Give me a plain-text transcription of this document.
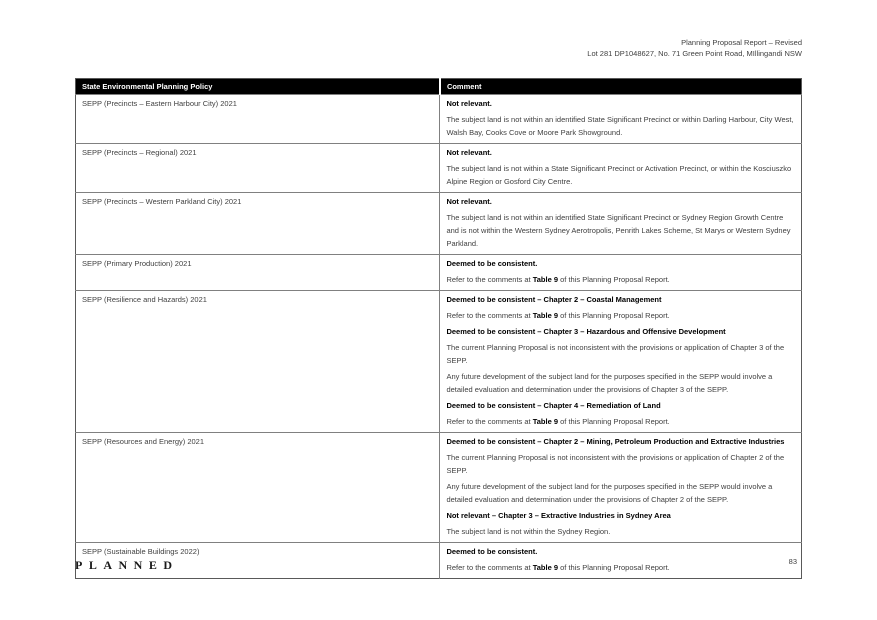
Planning Proposal Report – Revised
Lot 281 DP1048627, No. 71 Green Point Road, MIllingandi NSW
State Environmental Planning Policy	Comment
SEPP (Precincts – Eastern Harbour City) 2021	Not relevant.
The subject land is not within an identified State Significant Precinct or within Darling Harbour, City West, Walsh Bay, Cooks Cove or Moore Park Showground.

SEPP (Precincts – Regional) 2021	Not relevant.
The subject land is not within a State Significant Precinct or Activation Precinct, or within the Kosciuszko Alpine Region or Gosford City Centre.

SEPP (Precincts – Western Parkland City) 2021	Not relevant.
The subject land is not within an identified State Significant Precinct or Sydney Region Growth Centre and is not within the Western Sydney Aerotropolis, Penrith Lakes Scheme, St Marys or Western Sydney Parkland.

SEPP (Primary Production) 2021	Deemed to be consistent.
Refer to the comments at Table 9 of this Planning Proposal Report.

SEPP (Resilience and Hazards) 2021	Deemed to be consistent – Chapter 2 – Coastal Management
Refer to the comments at Table 9 of this Planning Proposal Report.
Deemed to be consistent – Chapter 3 – Hazardous and Offensive Development
The current Planning Proposal is not inconsistent with the provisions or application of Chapter 3 of the SEPP.
Any future development of the subject land for the purposes specified in the SEPP would involve a detailed evaluation and determination under the provisions of Chapter 3 of the SEPP.
Deemed to be consistent – Chapter 4 – Remediation of Land
Refer to the comments at Table 9 of this Planning Proposal Report.

SEPP (Resources and Energy) 2021	Deemed to be consistent – Chapter 2 – Mining, Petroleum Production and Extractive Industries
The current Planning Proposal is not inconsistent with the provisions or application of Chapter 2 of the SEPP.
Any future development of the subject land for the purposes specified in the SEPP would involve a detailed evaluation and determination under the provisions of Chapter 2 of the SEPP.
Not relevant – Chapter 3 – Extractive Industries in Sydney Area
The subject land is not within the Sydney Region.

SEPP (Sustainable Buildings 2022)	Deemed to be consistent.
Refer to the comments at Table 9 of this Planning Proposal Report.
PLANNED	83
